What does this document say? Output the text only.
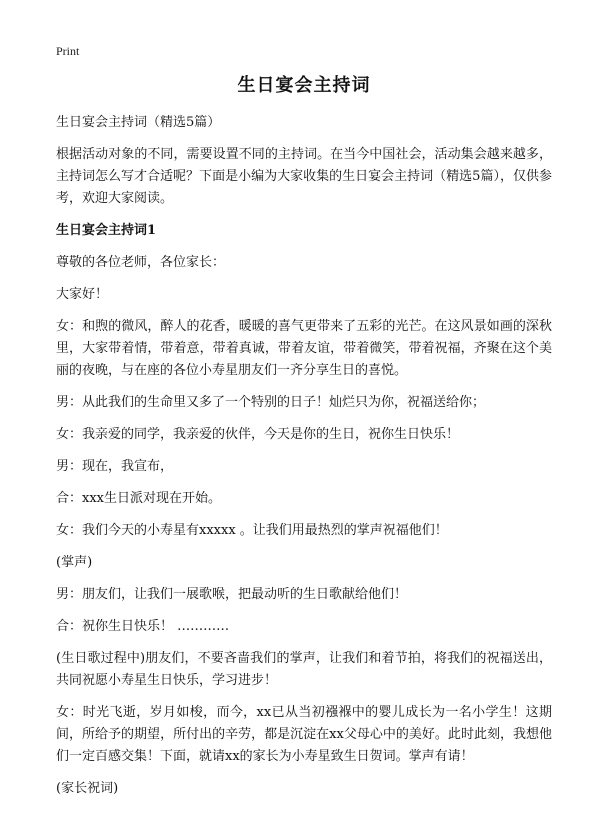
Print
生日宴会主持词

生日宴会主持词（精选5篇）

根据活动对象的不同，需要设置不同的主持词。在当今中国社会，活动集会越来越多，主持词怎么写才合适呢？下面是小编为大家收集的生日宴会主持词（精选5篇），仅供参考，欢迎大家阅读。

生日宴会主持词1

尊敬的各位老师，各位家长：

大家好！

女：和煦的微风，醉人的花香，暖暖的喜气更带来了五彩的光芒。在这风景如画的深秋里，大家带着情，带着意，带着真诚，带着友谊，带着微笑，带着祝福，齐聚在这个美丽的夜晚，与在座的各位小寿星朋友们一齐分享生日的喜悦。

男：从此我们的生命里又多了一个特别的日子！灿烂只为你，祝福送给你；

女：我亲爱的同学，我亲爱的伙伴，今天是你的生日，祝你生日快乐！

男：现在，我宣布，

合：xxx生日派对现在开始。

女：我们今天的小寿星有xxxxx 。让我们用最热烈的掌声祝福他们！

(掌声)

男：朋友们，让我们一展歌喉，把最动听的生日歌献给他们！

合：祝你生日快乐！ …………

(生日歌过程中)朋友们，不要吝啬我们的掌声，让我们和着节拍，将我们的祝福送出，共同祝愿小寿星生日快乐，学习进步！

女：时光飞逝，岁月如梭，而今，xx已从当初襁褓中的婴儿成长为一名小学生！这期间，所给予的期望，所付出的辛劳，都是沉淀在xx父母心中的美好。此时此刻，我想他们一定百感交集！下面，就请xx的家长为小寿星致生日贺词。掌声有请！

(家长祝词)
